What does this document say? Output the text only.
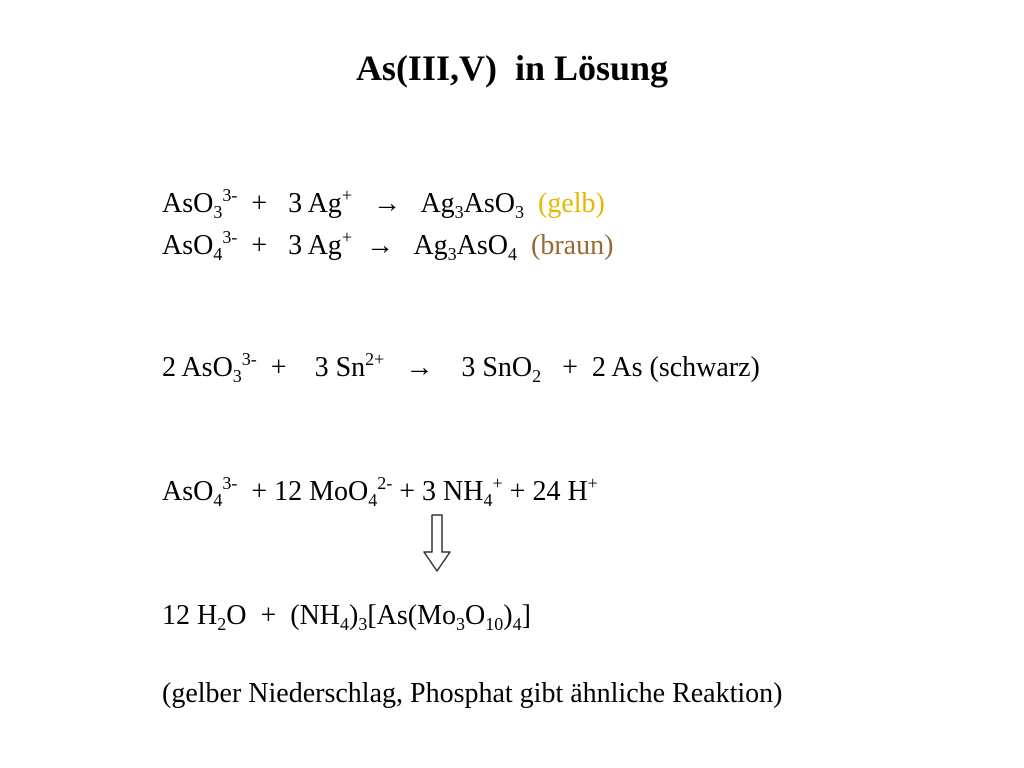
As(III,V)  in Lösung
AsO$_3^{3-}$  +   3 $Ag^+ \to Ag_3AsO_3$  (gelb)
AsO$_4^{3-}$  +   3 $Ag^+ \to Ag_3AsO_4$  (braun)
2 AsO$_3^{3-}$  +    3 $Sn^{2+}$   →    3 SnO$_2$   +  2 As (schwarz)
AsO$_4^{3-}$  + 12 MoO$_4^{2-}$ + 3 $NH_4^+ + 24$ H+
12 $H_2O + (NH_4)_3[As(Mo_3O_{10})_4]$
(gelber Niederschlag, Phosphat gibt ähnliche Reaktion)
